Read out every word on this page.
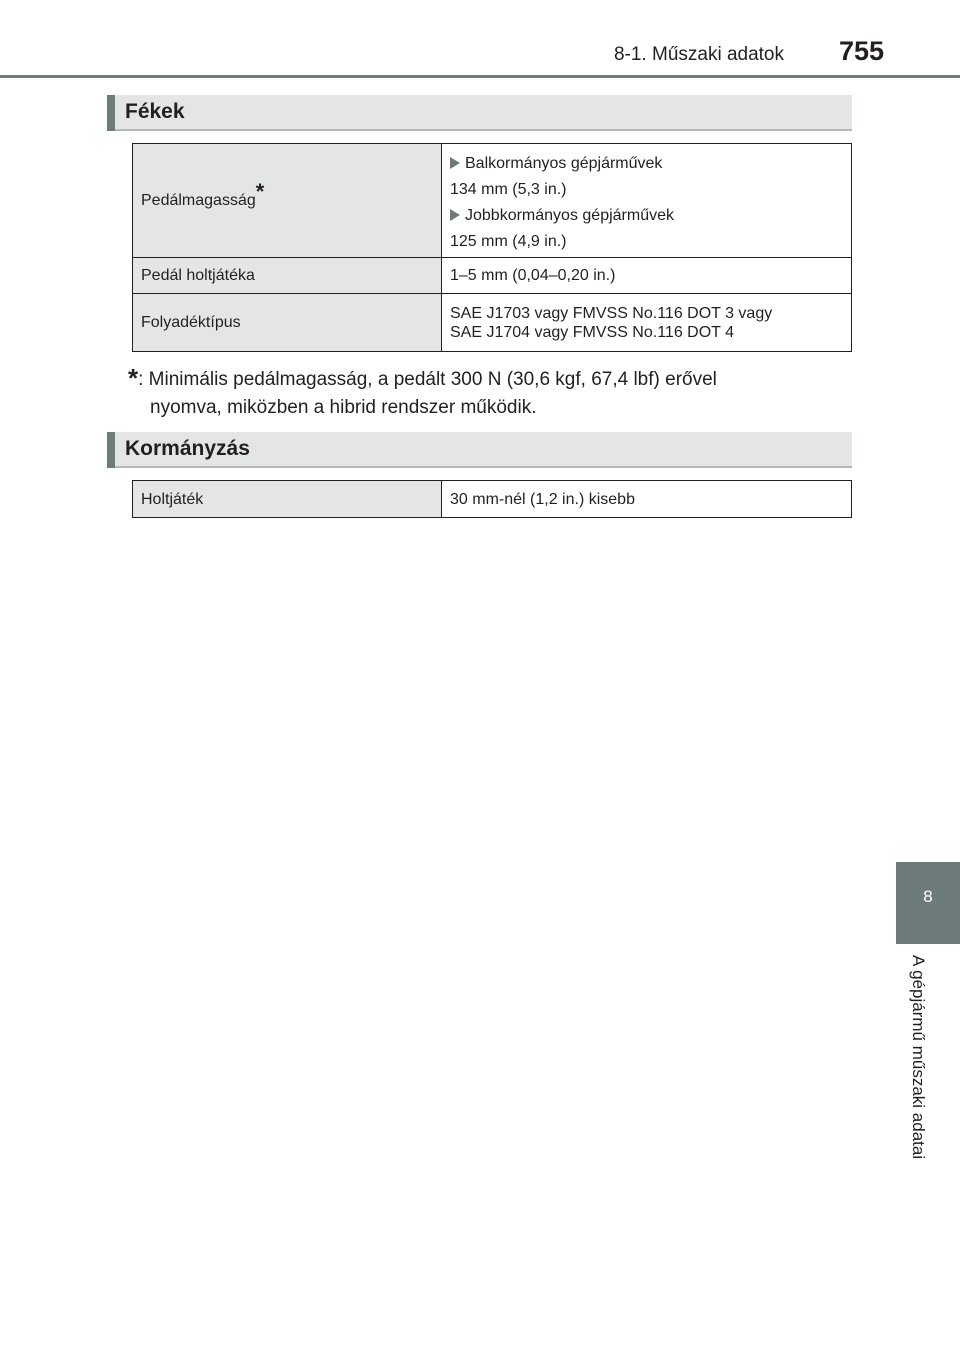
8-1. Műszaki adatok 755
Fékek
Pedálmagasság*	Balkormányos gépjárművek
134 mm (5,3 in.)
Jobbkormányos gépjárművek
125 mm (4,9 in.)

Pedál holtjátéka	1–5 mm (0,04–0,20 in.)
Folyadéktípus	SAE J1703 vagy FMVSS No.116 DOT 3 vagy
SAE J1704 vagy FMVSS No.116 DOT 4
*: Minimális pedálmagasság, a pedált 300 N (30,6 kgf, 67,4 lbf) erővel
nyomva, miközben a hibrid rendszer működik.
Kormányzás
Holtjáték	30 mm-nél (1,2 in.) kisebb
8
A gépjármű műszaki adatai
